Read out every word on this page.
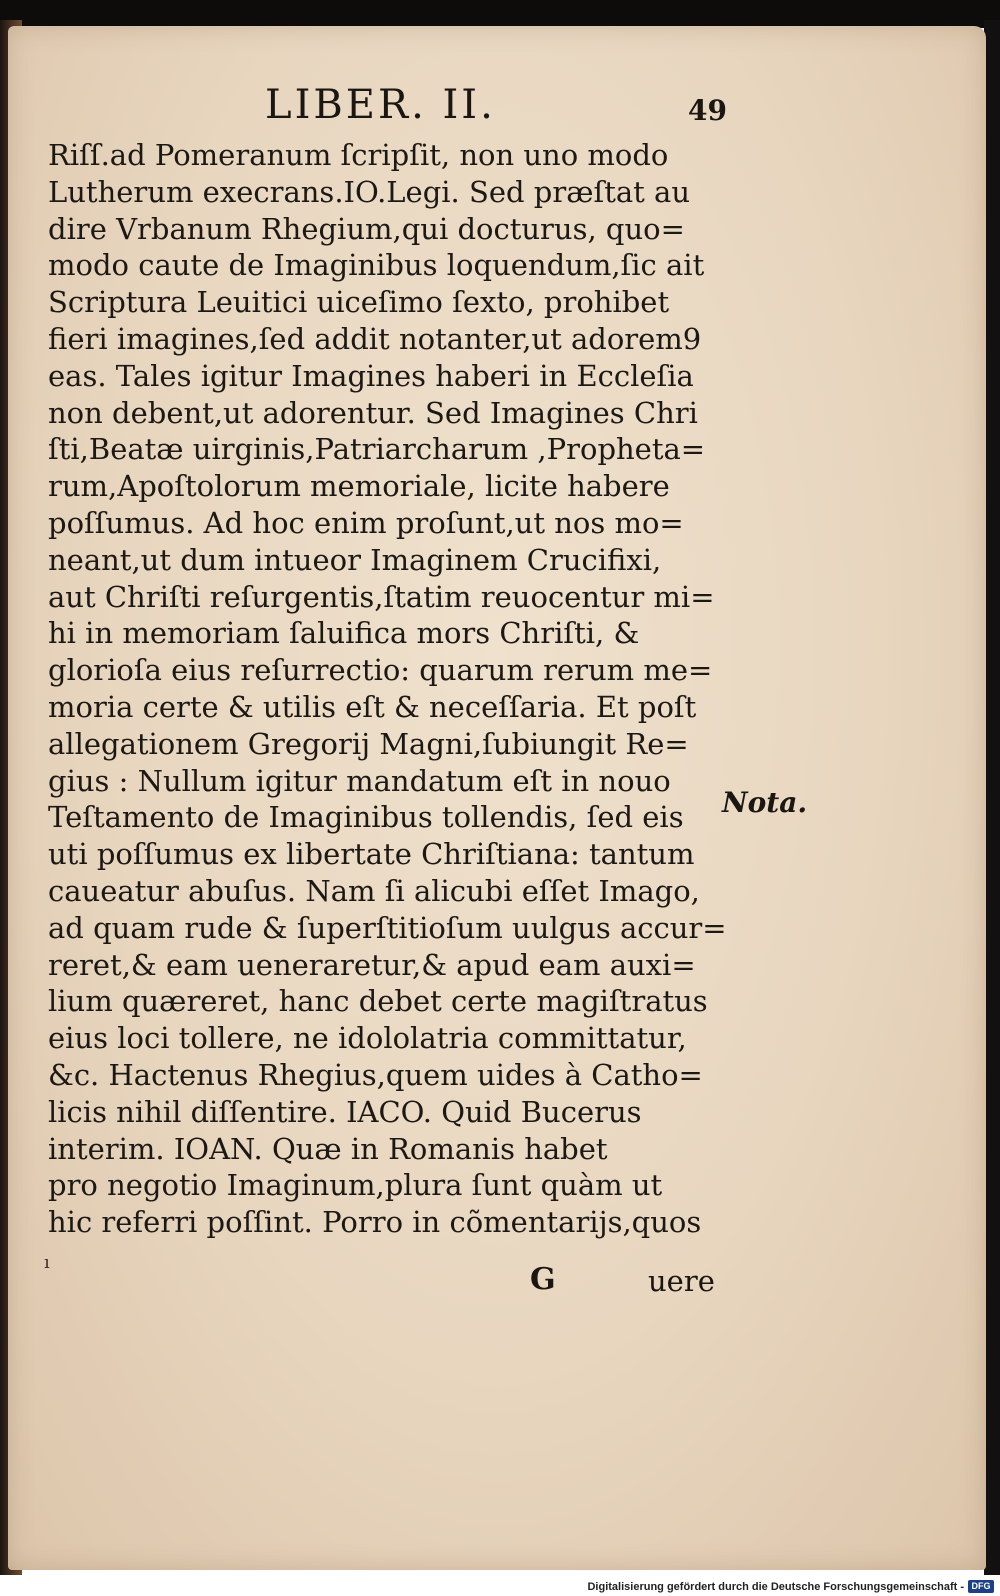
LIBER. II.	49
Riſſ.ad Pomeranum ſcripſit, non uno modo
Lutherum execrans.IO.Legi. Sed præſtat au
dire Vrbanum Rhegium,qui docturus, quo=
modo caute de Imaginibus loquendum,ſic ait
Scriptura Leuitici uiceſimo ſexto, prohibet
fieri imagines,ſed addit notanter,ut adorem9
eas. Tales igitur Imagines haberi in Eccleſia
non debent,ut adorentur. Sed Imagines Chri
ſti,Beatæ uirginis,Patriarcharum ,Propheta=
rum,Apoſtolorum memoriale, licite habere
poſſumus. Ad hoc enim proſunt,ut nos mo=
neant,ut dum intueor Imaginem Crucifixi,
aut Chriſti reſurgentis,ſtatim reuocentur mi=
hi in memoriam ſaluifica mors Chriſti, &
glorioſa eius reſurrectio: quarum rerum me=
moria certe & utilis eſt & neceſſaria. Et poſt
allegationem Gregorij Magni,ſubiungit Re=
gius : Nullum igitur mandatum eſt in nouo
Teſtamento de Imaginibus tollendis, ſed eis
uti poſſumus ex libertate Chriſtiana: tantum
caueatur abuſus. Nam ſi alicubi eſſet Imago,
ad quam rude & ſuperſtitioſum uulgus accur=
reret,& eam ueneraretur,& apud eam auxi=
lium quæreret, hanc debet certe magiſtratus
eius loci tollere, ne idololatria committatur,
&c. Hactenus Rhegius,quem uides à Catho=
licis nihil diſſentire. IACO. Quid Bucerus
interim. IOAN. Quæ in Romanis habet
pro negotio Imaginum,plura ſunt quàm ut
hic referri poſſint. Porro in cõmentarijs,quos
Nota.
ı	G	uere
Digitalisierung gefördert durch die Deutsche Forschungsgemeinschaft - DFG
